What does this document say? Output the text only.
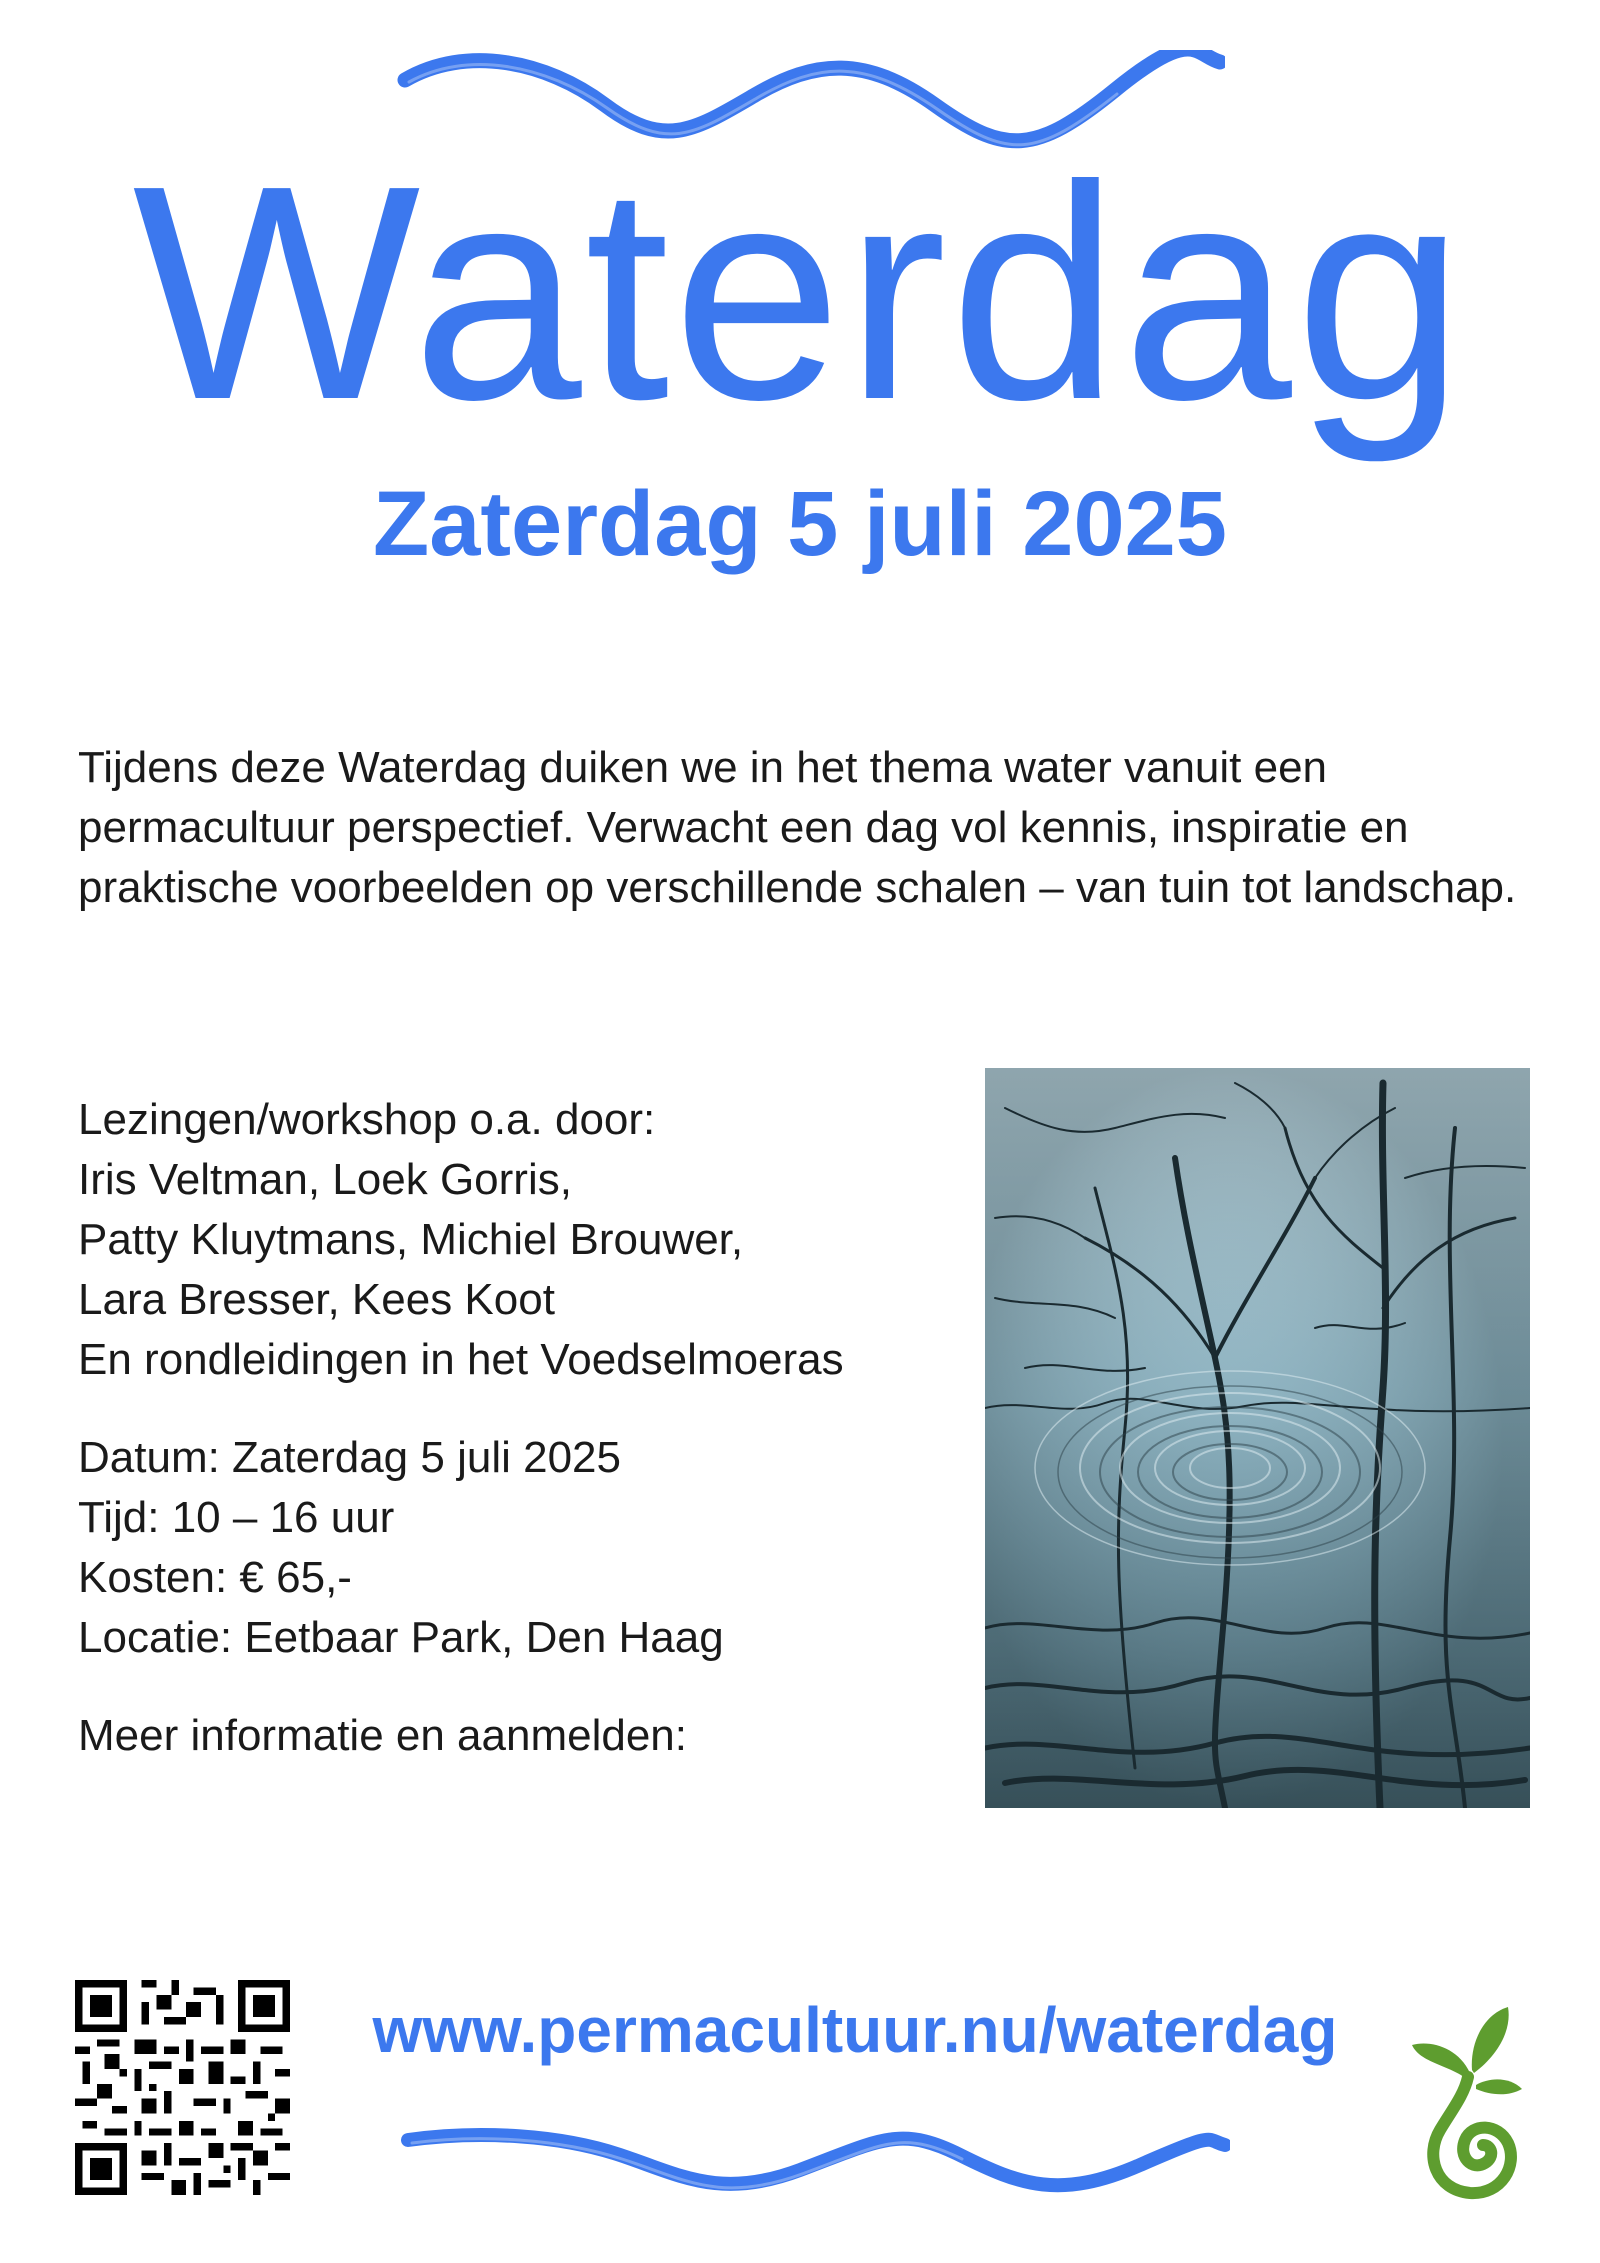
Waterdag
Zaterdag 5 juli 2025

Tijdens deze Waterdag duiken we in het thema water vanuit een permacultuur perspectief. Verwacht een dag vol kennis, inspiratie en praktische voorbeelden op verschillende schalen – van tuin tot landschap.

Lezingen/workshop o.a. door:
Iris Veltman, Loek Gorris,
Patty Kluytmans, Michiel Brouwer,
Lara Bresser, Kees Koot
En rondleidingen in het Voedselmoeras
Datum: Zaterdag 5 juli 2025
Tijd: 10 – 16 uur
Kosten: € 65,-
Locatie: Eetbaar Park, Den Haag
Meer informatie en aanmelden:
www.permacultuur.nu/waterdag
